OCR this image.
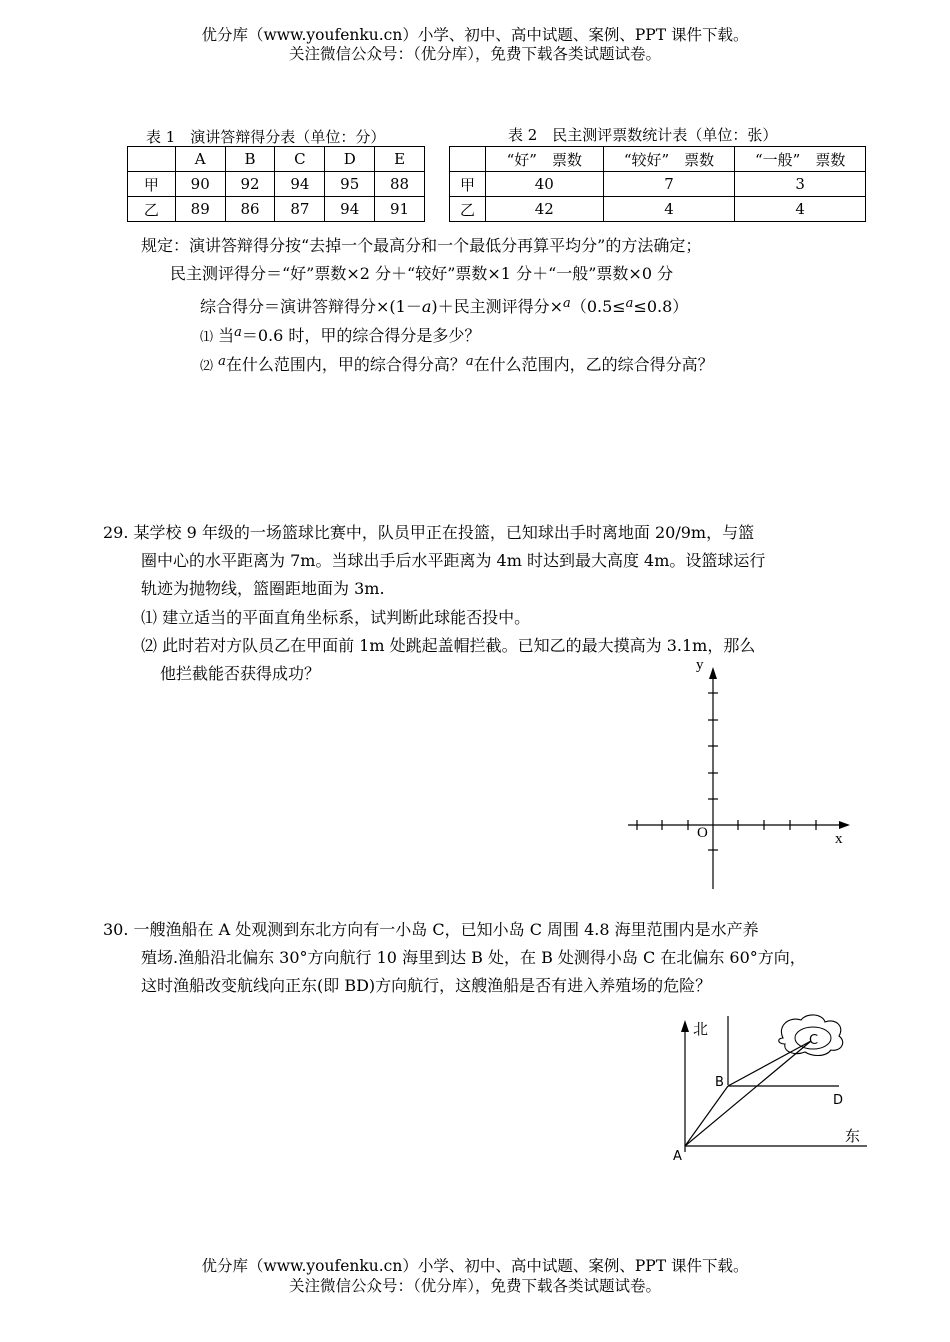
优分库（www.youfenku.cn）小学、初中、高中试题、案例、PPT 课件下载。
关注微信公众号：（优分库），免费下载各类试题试卷。
表 1　演讲答辩得分表（单位：分）	表 2　民主测评票数统计表（单位：张）
	A	B	C	D	E
甲	90	92	94	95	88
乙	89	86	87	94	91
	“好”　票数	“较好”　票数	“一般”　票数
甲	40	7	3
乙	42	4	4
规定：演讲答辩得分按“去掉一个最高分和一个最低分再算平均分”的方法确定；
民主测评得分＝“好”票数×2 分＋“较好”票数×1 分＋“一般”票数×0 分
综合得分＝演讲答辩得分×(1－a)＋民主测评得分×$^a$（0.5≤$^a$≤0.8）
⑴ 当$^a$＝0.6 时，甲的综合得分是多少？
⑵ $^a$在什么范围内，甲的综合得分高？$^a$在什么范围内，乙的综合得分高？
29. 某学校 9 年级的一场篮球比赛中，队员甲正在投篮，已知球出手时离地面 20/9m，与篮
圈中心的水平距离为 7m。当球出手后水平距离为 4m 时达到最大高度 4m。设篮球运行
轨迹为抛物线，篮圈距地面为 3m.
⑴ 建立适当的平面直角坐标系，试判断此球能否投中。
⑵ 此时若对方队员乙在甲面前 1m 处跳起盖帽拦截。已知乙的最大摸高为 3.1m，那么
他拦截能否获得成功？	y
x
O
30. 一艘渔船在 A 处观测到东北方向有一小岛 C，已知小岛 C 周围 4.8 海里范围内是水产养
殖场.渔船沿北偏东 30°方向航行 10 海里到达 B 处，在 B 处测得小岛 C 在北偏东 60°方向，
这时渔船改变航线向正东(即 BD)方向航行，这艘渔船是否有进入养殖场的危险？
北
东
C
B
D
A
优分库（www.youfenku.cn）小学、初中、高中试题、案例、PPT 课件下载。
关注微信公众号：（优分库），免费下载各类试题试卷。
